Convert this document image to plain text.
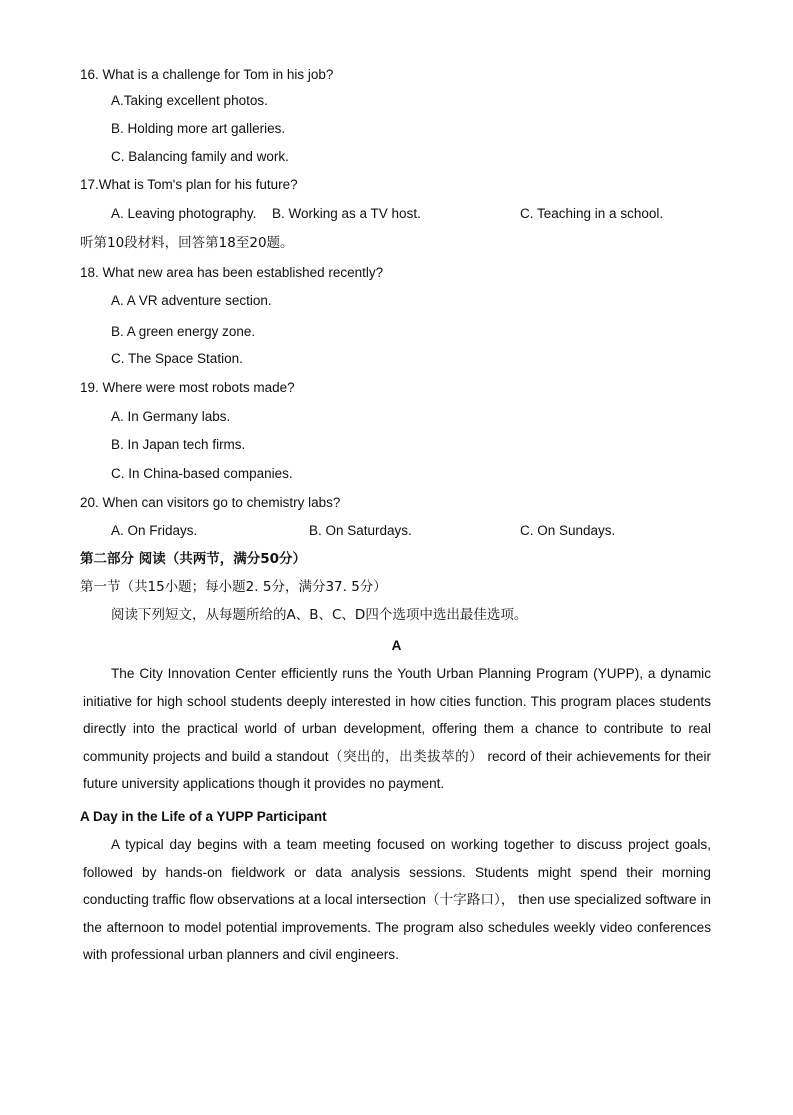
16. What is a challenge for Tom in his job?
A.Taking excellent photos.
B. Holding more art galleries.
C. Balancing family and work.
17.What is Tom's plan for his future?
A. Leaving photography. B. Working as a TV host.	C. Teaching in a school.
听第10段材料，回答第18至20题。
18. What new area has been established recently?
A. A VR adventure section.
B. A green energy zone.
C. The Space Station.
19. Where were most robots made?
A. In Germany labs.
B. In Japan tech firms.
C. In China-based companies.
20. When can visitors go to chemistry labs?
A. On Fridays.	B. On Saturdays.	C. On Sundays.
第二部分 阅读（共两节，满分50分）
第一节（共15小题；每小题2. 5分，满分37. 5分）
阅读下列短文，从每题所给的A、B、C、D四个选项中选出最佳选项。
A
The City Innovation Center efficiently runs the Youth Urban Planning Program (YUPP), a dynamic initiative for high school students deeply interested in how cities function. This program places students directly into the practical world of urban development, offering them a chance to contribute to real community projects and build a standout（突出的，出类拔萃的） record of their achievements for their future university applications though it provides no payment.
A Day in the Life of a YUPP Participant
A typical day begins with a team meeting focused on working together to discuss project goals, followed by hands-on fieldwork or data analysis sessions. Students might spend their morning conducting traffic flow observations at a local intersection（十字路口）， then use specialized software in the afternoon to model potential improvements. The program also schedules weekly video conferences with professional urban planners and civil engineers.
